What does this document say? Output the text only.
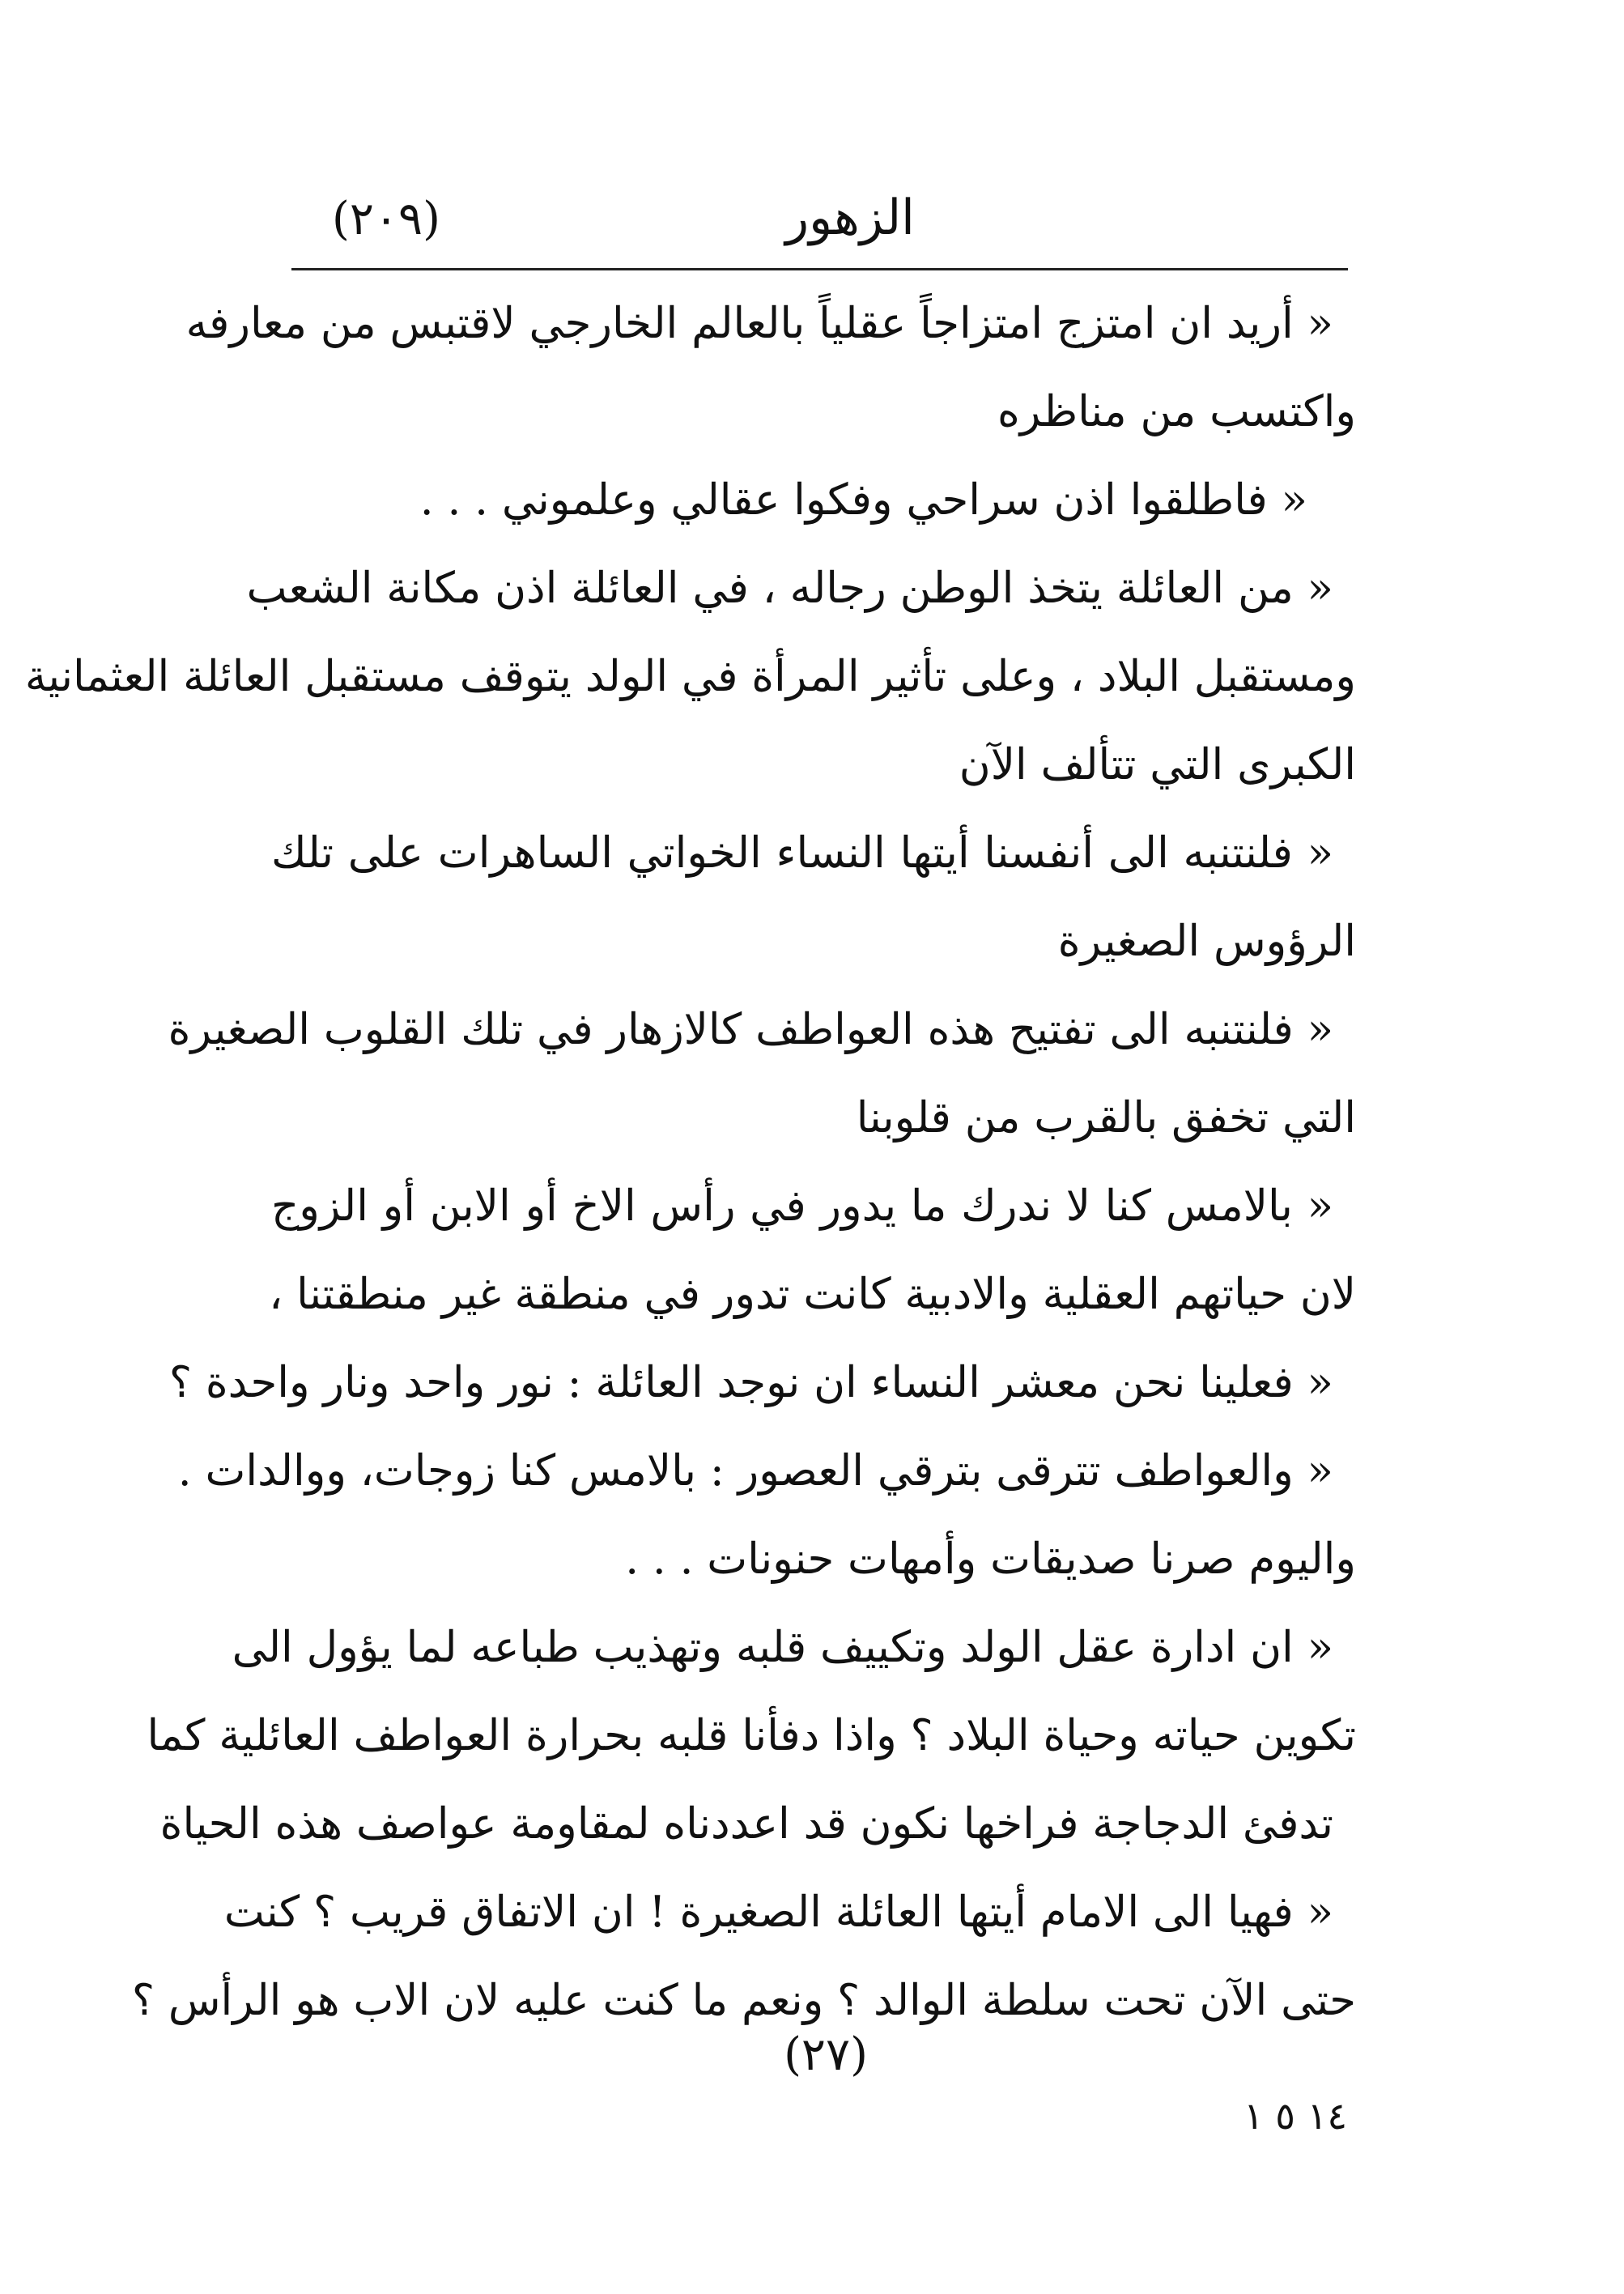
(٢٠٩)	الزهور
« أريد ان امتزج امتزاجاً عقلياً بالعالم الخارجي لاقتبس من معارفه
واكتسب من مناظره
« فاطلقوا اذن سراحي وفكوا عقالي وعلموني . . .
« من العائلة يتخذ الوطن رجاله ، في العائلة اذن مكانة الشعب
ومستقبل البلاد ، وعلى تأثير المرأة في الولد يتوقف مستقبل العائلة العثمانية
الكبرى التي تتألف الآن
« فلنتنبه الى أنفسنا أيتها النساء الخواتي الساهرات على تلك
الرؤوس الصغيرة
« فلنتنبه الى تفتيح هذه العواطف كالازهار في تلك القلوب الصغيرة
التي تخفق بالقرب من قلوبنا
« بالامس كنا لا ندرك ما يدور في رأس الاخ أو الابن أو الزوج
لان حياتهم العقلية والادبية كانت تدور في منطقة غير منطقتنا ،
« فعلينا نحن معشر النساء ان نوجد العائلة : نور واحد ونار واحدة ؟
« والعواطف تترقى بترقي العصور : بالامس كنا زوجات، ووالدات .
واليوم صرنا صديقات وأمهات حنونات . . .
« ان ادارة عقل الولد وتكييف قلبه وتهذيب طباعه لما يؤول الى
تكوين حياته وحياة البلاد ؟ واذا دفأنا قلبه بحرارة العواطف العائلية كما
تدفئ الدجاجة فراخها نكون قد اعددناه لمقاومة عواصف هذه الحياة
« فهيا الى الامام أيتها العائلة الصغيرة ! ان الاتفاق قريب ؟ كنت
حتى الآن تحت سلطة الوالد ؟ ونعم ما كنت عليه لان الاب هو الرأس ؟
(٢٧)
١٤ ٥ ١
